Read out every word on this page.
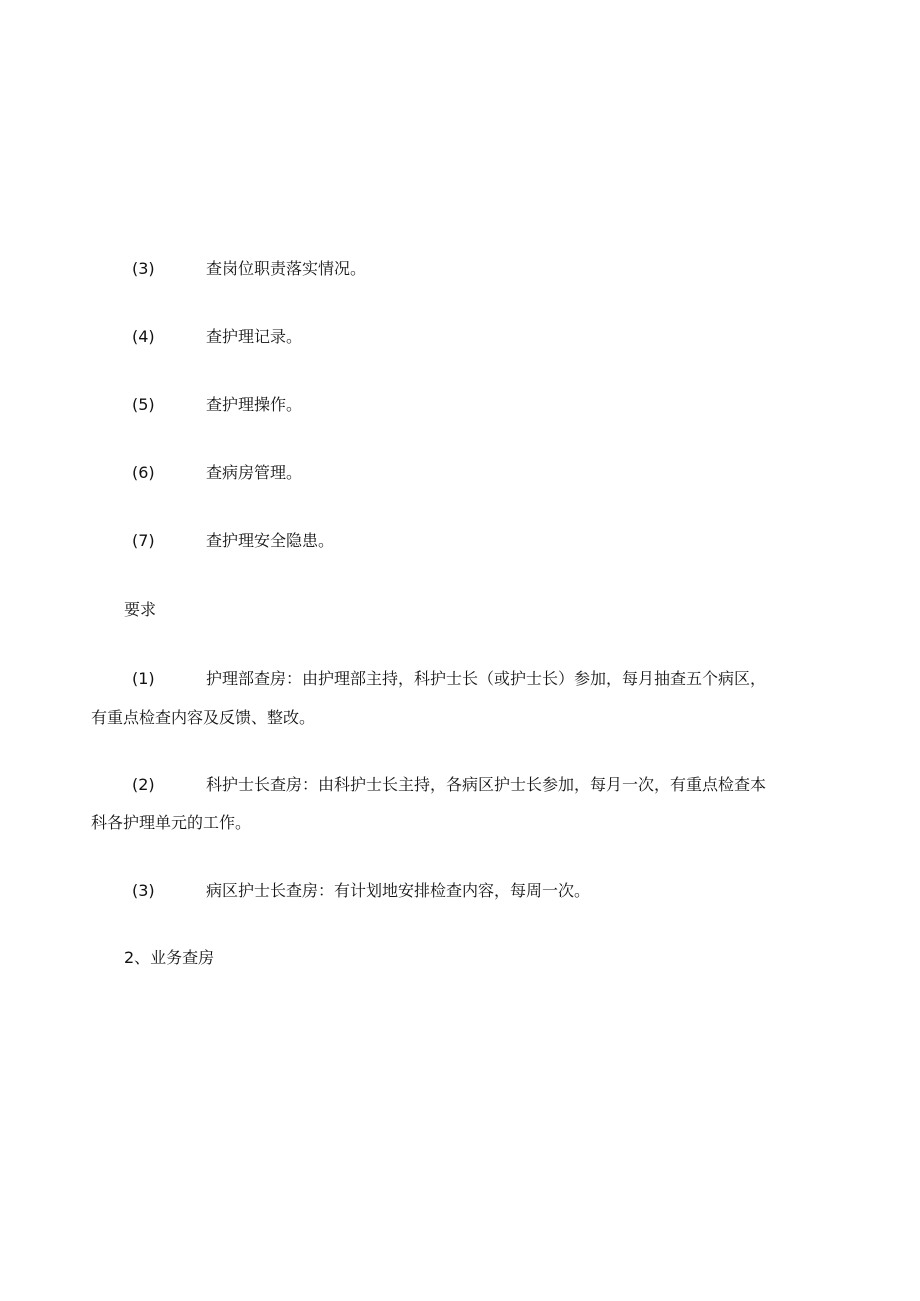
(3)	查岗位职责落实情况。
(4)	查护理记录。
(5)	查护理操作。
(6)	查病房管理。
(7)	查护理安全隐患。
要求
(1)	护理部查房：由护理部主持，科护士长（或护士长）参加，每月抽查五个病区，
有重点检查内容及反馈、整改。
(2)	科护士长查房：由科护士长主持，各病区护士长参加，每月一次，有重点检查本
科各护理单元的工作。
(3)	病区护士长查房：有计划地安排检查内容，每周一次。
2、业务查房
